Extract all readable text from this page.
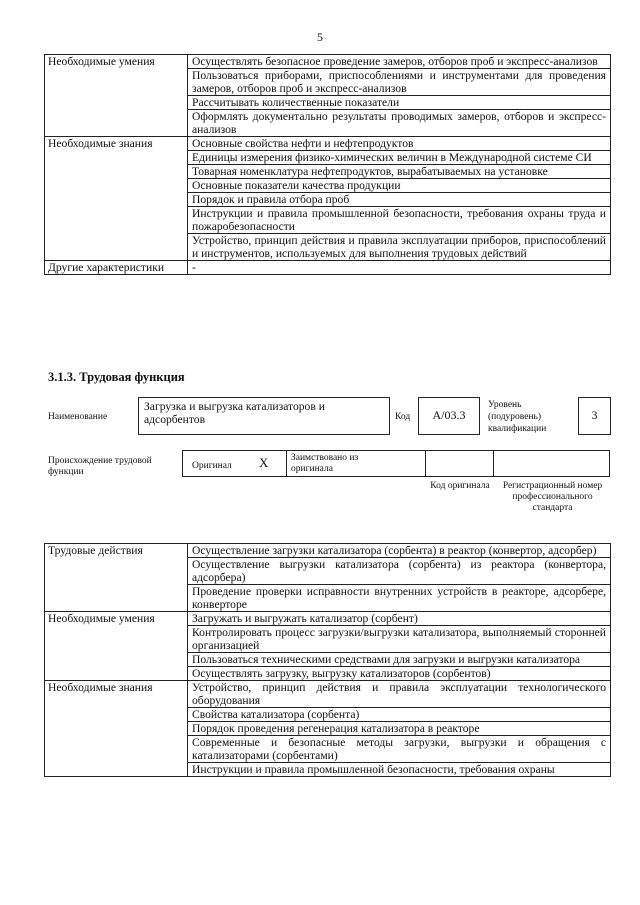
5
Необходимые умения	Осуществлять безопасное проведение замеров, отборов проб и экспресс-анализов
	Пользоваться приборами, приспособлениями и инструментами для проведения замеров, отборов проб и экспресс-анализов
	Рассчитывать количественные показатели
	Оформлять документально результаты проводимых замеров, отборов и экспресс-анализов
Необходимые знания	Основные свойства нефти и нефтепродуктов
	Единицы измерения физико-химических величин в Международной системе СИ
	Товарная номенклатура нефтепродуктов, вырабатываемых на установке
	Основные показатели качества продукции
	Порядок и правила отбора проб
	Инструкции и правила промышленной безопасности, требования охраны труда и пожаробезопасности
	Устройство, принцип действия и правила эксплуатации приборов, приспособлений и инструментов, используемых для выполнения трудовых действий
Другие характеристики	-
3.1.3. Трудовая функция
Наименование
Загрузка и выгрузка катализаторов и адсорбентов	Код	A/03.3
Уровень (подуровень) квалификации
3
Происхождение трудовой функции
Оригинал X Заимствовано из оригинала
Код оригинала	Регистрационный номер профессионального стандарта
Трудовые действия	Осуществление загрузки катализатора (сорбента) в реактор (конвертор, адсорбер)
	Осуществление выгрузки катализатора (сорбента) из реактора (конвертора, адсорбера)
	Проведение проверки исправности внутренних устройств в реакторе, адсорбере, конверторе
Необходимые умения	Загружать и выгружать катализатор (сорбент)
	Контролировать процесс загрузки/выгрузки катализатора, выполняемый сторонней организацией
	Пользоваться техническими средствами для загрузки и выгрузки катализатора
	Осуществлять загрузку, выгрузку катализаторов (сорбентов)
Необходимые знания	Устройство, принцип действия и правила эксплуатации технологического оборудования
	Свойства катализатора (сорбента)
	Порядок проведения регенерация катализатора в реакторе
	Современные и безопасные методы загрузки, выгрузки и обращения с катализаторами (сорбентами)
	Инструкции и правила промышленной безопасности, требования охраны
